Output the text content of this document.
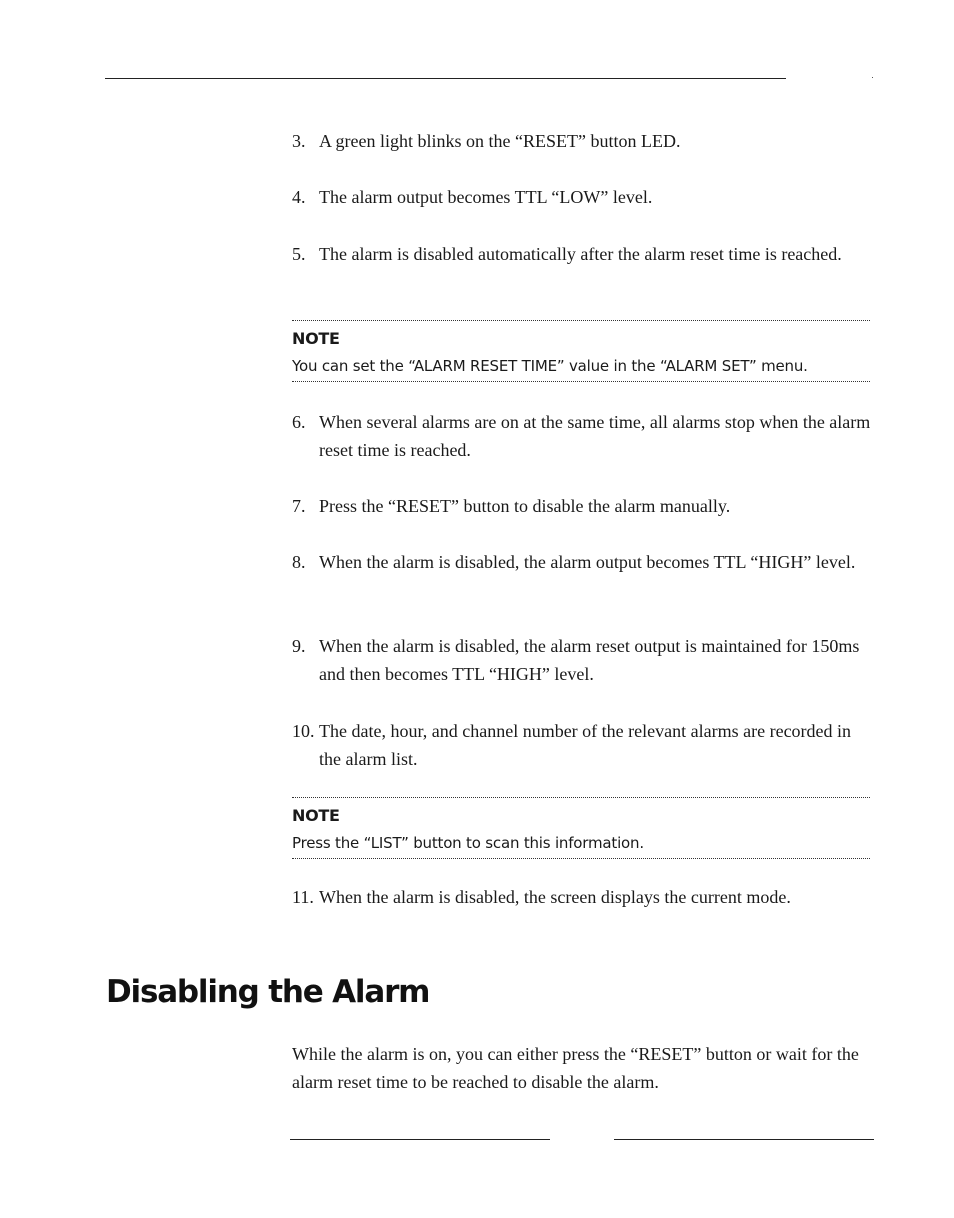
3. A green light blinks on the “RESET” button LED.
4. The alarm output becomes TTL “LOW” level.
5. The alarm is disabled automatically after the alarm reset time is reached.
NOTE
You can set the “ALARM RESET TIME” value in the “ALARM SET” menu.
6. When several alarms are on at the same time, all alarms stop when the alarm reset time is reached.
7. Press the “RESET” button to disable the alarm manually.
8. When the alarm is disabled, the alarm output becomes TTL “HIGH” level.
9. When the alarm is disabled, the alarm reset output is maintained for 150ms and then becomes TTL “HIGH” level.
10. The date, hour, and channel number of the relevant alarms are recorded in the alarm list.
NOTE
Press the “LIST” button to scan this information.
11. When the alarm is disabled, the screen displays the current mode.
Disabling the Alarm
While the alarm is on, you can either press the “RESET” button or wait for the alarm reset time to be reached to disable the alarm.
